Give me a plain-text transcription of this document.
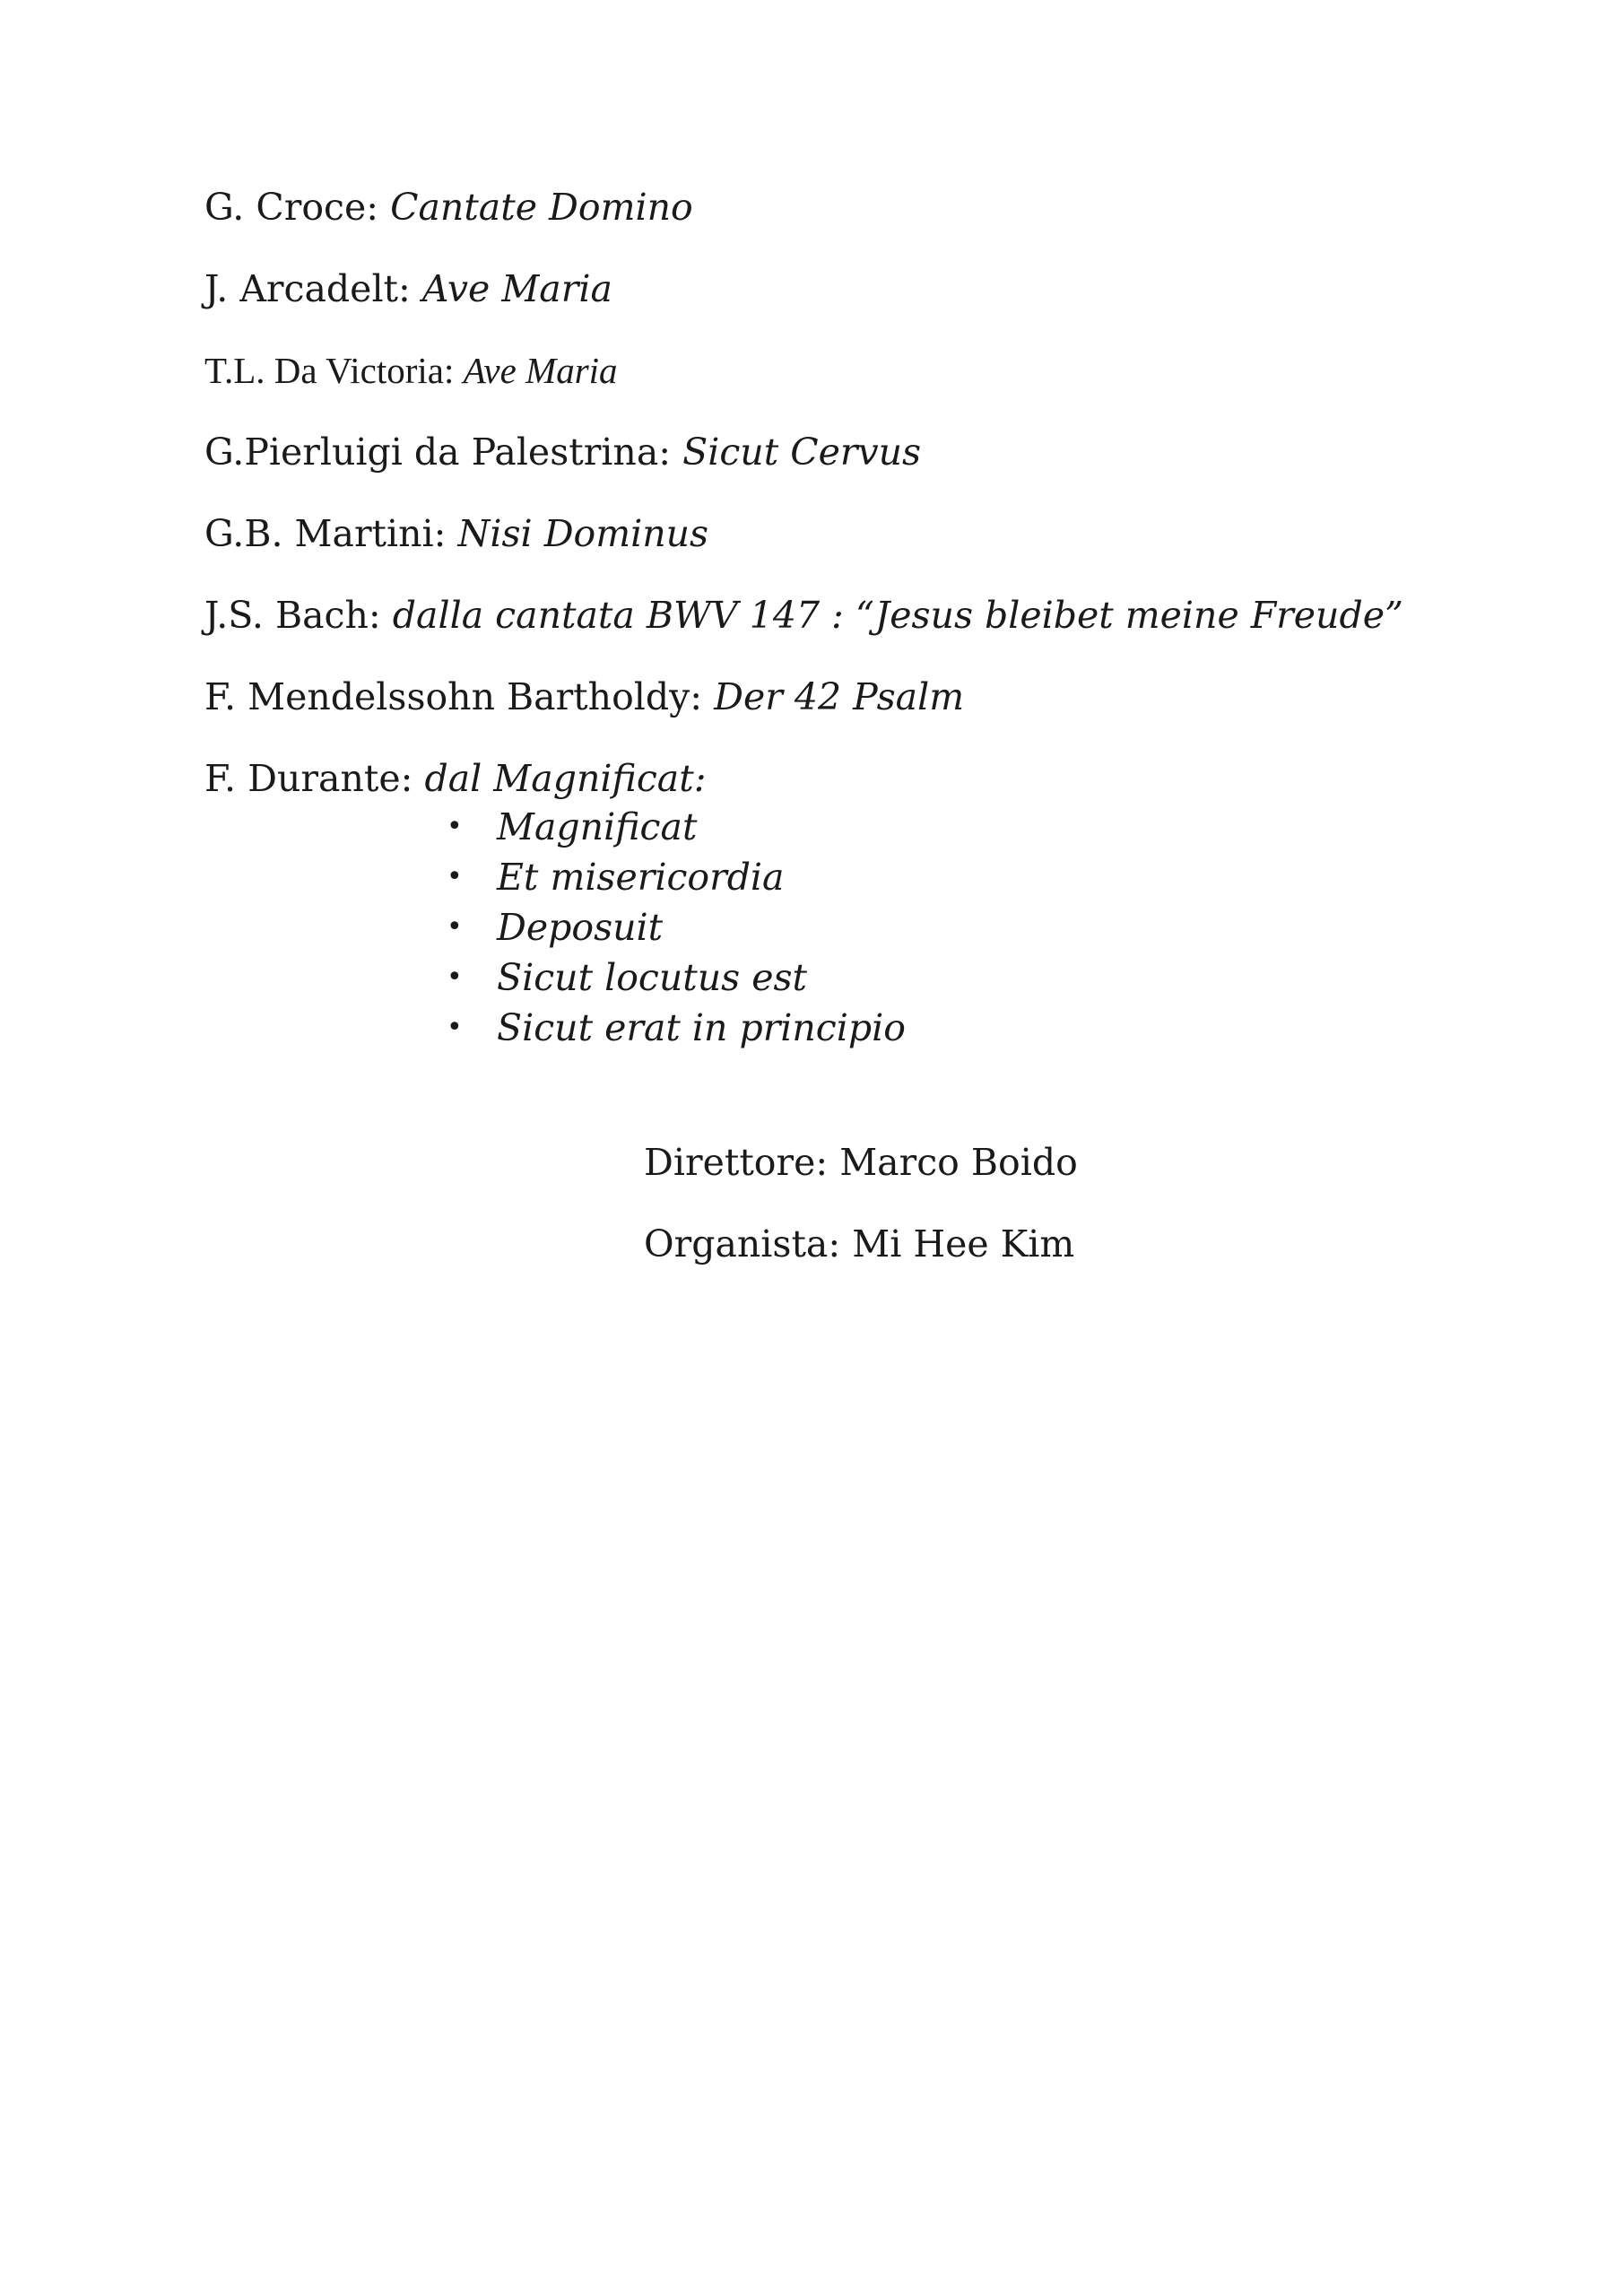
G. Croce: Cantate Domino
J. Arcadelt: Ave Maria
T.L. Da Victoria: Ave Maria
G.Pierluigi da Palestrina: Sicut Cervus
G.B. Martini: Nisi Dominus
J.S. Bach: dalla cantata BWV 147 : “Jesus bleibet meine Freude”
F. Mendelssohn Bartholdy: Der 42 Psalm
F. Durante: dal Magnificat:
• Magnificat
• Et misericordia
• Deposuit
• Sicut locutus est
• Sicut erat in principio
Direttore: Marco Boido
Organista: Mi Hee Kim
